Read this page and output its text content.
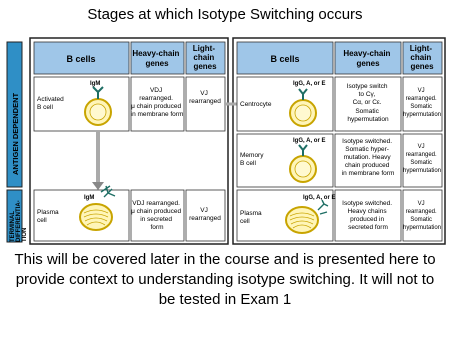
Stages at which Isotype Switching occurs
ANTIGEN DEPENDENT
TERMINAL DIFFERENTIA- TION
B cells
Heavy-chain genes
Light- chain genes
Activated B cell
IgM
VDJ rearranged. μ chain produced in membrane form
VJ rearranged
Plasma cell
IgM
VDJ rearranged. μ chain produced in secreted form
VJ rearranged
B cells
Heavy-chain genes
Light- chain genes
Centrocyte
IgG, A, or E	Isotype switch to Cγ, Cα, or Cε. Somatic hypermutation
VJ rearranged. Somatic hypermutation
Memory B cell
IgG, A, or E	Isotype switched. Somatic hyper- mutation. Heavy chain produced in membrane form
VJ rearranged. Somatic hypermutation
Plasma cell
IgG, A, or E
Isotype switched. Heavy chains produced in secreted form
VJ rearranged. Somatic hypermutation
This will be covered later in the course and is presented here to provide context to understanding isotype switching. It will not to be tested in Exam 1
